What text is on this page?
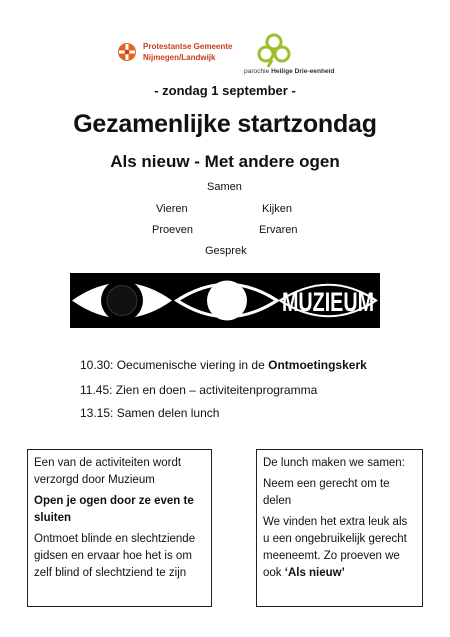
Protestantse Gemeente
Nijmegen/Landwijk
parochie Heilige Drie-eenheid
- zondag 1 september -
Gezamenlijke startzondag
Als nieuw - Met andere ogen
Samen
Vieren	Kijken
Proeven	Ervaren
Gesprek
MUZIEUM
10.30: Oecumenische viering in de Ontmoetingskerk
11.45: Zien en doen – activiteitenprogramma
13.15: Samen delen lunch

Een van de activiteiten wordt verzorgd door Muzieum

Open je ogen door ze even te sluiten

Ontmoet blinde en slechtziende gidsen en ervaar hoe het is om zelf blind of slechtziend te zijn

De lunch maken we samen:

Neem een gerecht om te delen

We vinden het extra leuk als u een ongebruikelijk gerecht meeneemt. Zo proeven we ook ‘Als nieuw’
